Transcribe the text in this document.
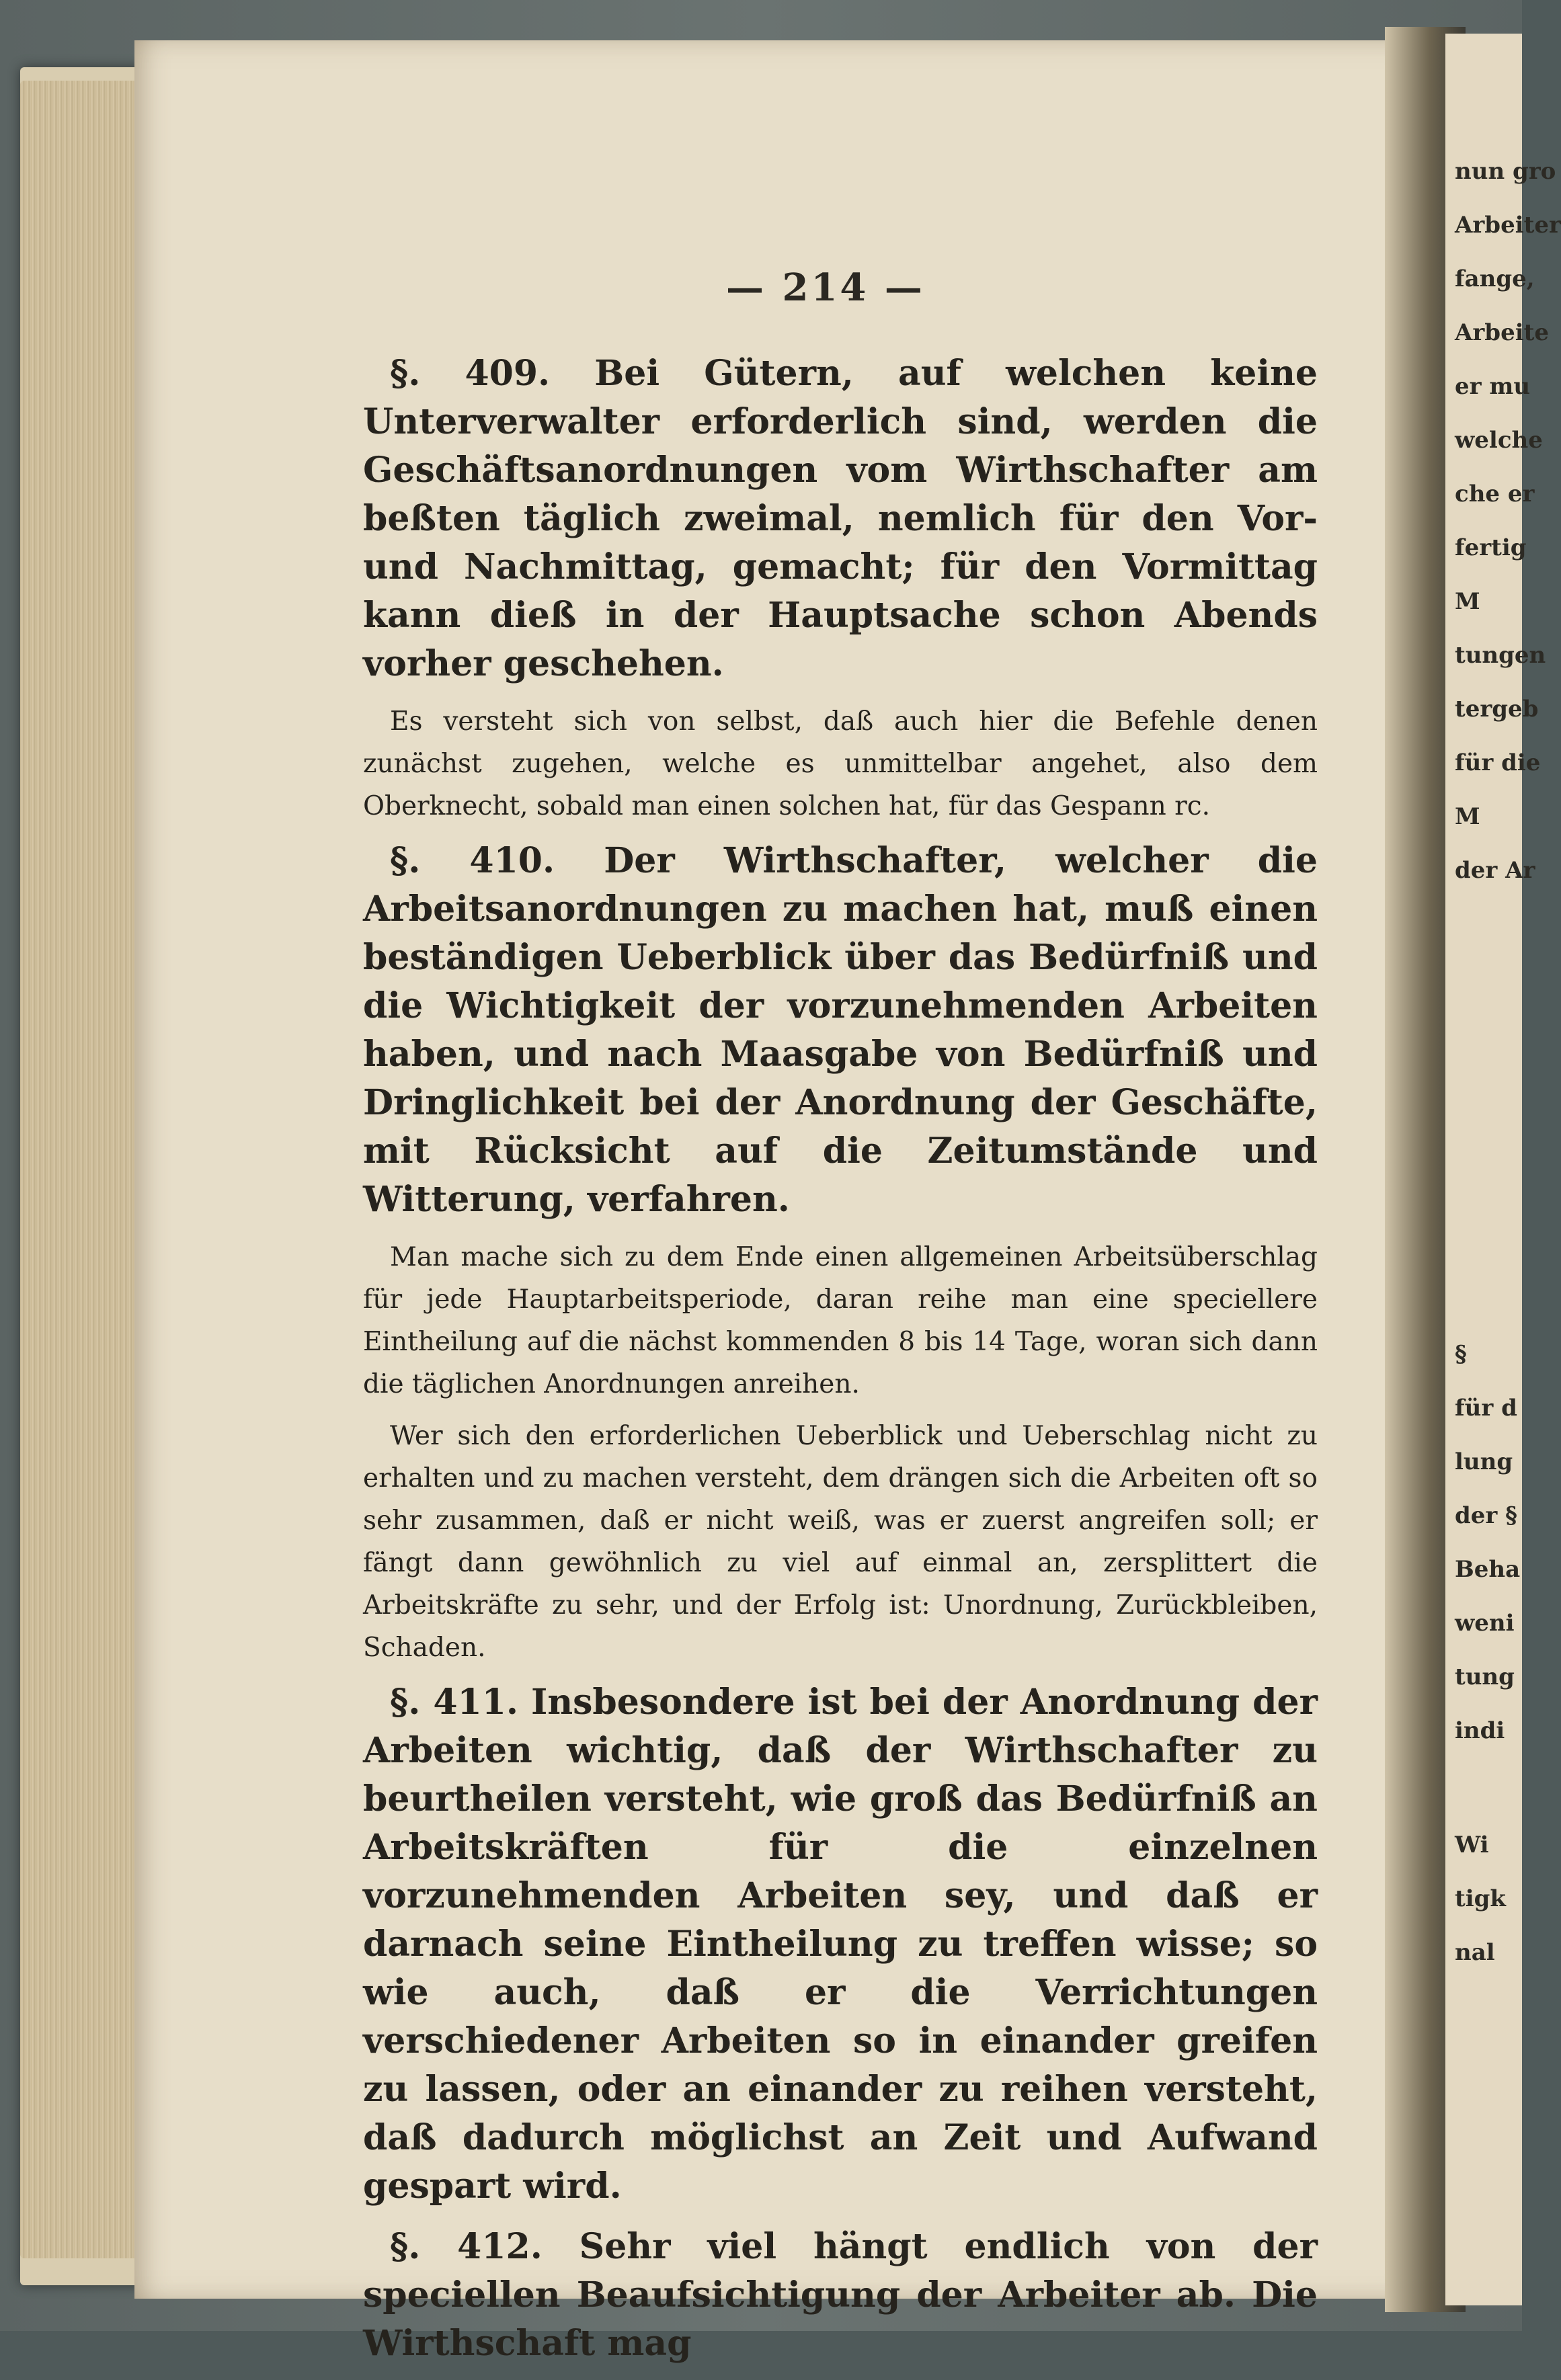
nun gro
Arbeiter
fange,
Arbeite
er mu
welche
che er
fertig
M
tungen
tergeb
für die
M
der Ar
§
für d
lung
der §
Beha
weni
tung
indi
Wi
tigk
nal
— 214 —

§. 409. Bei Gütern, auf welchen keine Unterverwalter erforderlich sind, werden die Geschäftsanordnungen vom Wirthschafter am beßten täglich zweimal, nemlich für den Vor- und Nachmittag, gemacht; für den Vormittag kann dieß in der Hauptsache schon Abends vorher geschehen.

Es versteht sich von selbst, daß auch hier die Befehle denen zunächst zugehen, welche es unmittelbar angehet, also dem Oberknecht, sobald man einen solchen hat, für das Gespann rc.

§. 410. Der Wirthschafter, welcher die Arbeitsanordnungen zu machen hat, muß einen beständigen Ueberblick über das Bedürfniß und die Wichtigkeit der vorzunehmenden Arbeiten haben, und nach Maasgabe von Bedürfniß und Dringlichkeit bei der Anordnung der Geschäfte, mit Rücksicht auf die Zeitumstände und Witterung, verfahren.

Man mache sich zu dem Ende einen allgemeinen Arbeitsüberschlag für jede Hauptarbeitsperiode, daran reihe man eine speciellere Eintheilung auf die nächst kommenden 8 bis 14 Tage, woran sich dann die täglichen Anordnungen anreihen.

Wer sich den erforderlichen Ueberblick und Ueberschlag nicht zu erhalten und zu machen versteht, dem drängen sich die Arbeiten oft so sehr zusammen, daß er nicht weiß, was er zuerst angreifen soll; er fängt dann gewöhnlich zu viel auf einmal an, zersplittert die Arbeitskräfte zu sehr, und der Erfolg ist: Unordnung, Zurückbleiben, Schaden.

§. 411. Insbesondere ist bei der Anordnung der Arbeiten wichtig, daß der Wirthschafter zu beurtheilen versteht, wie groß das Bedürfniß an Arbeitskräften für die einzelnen vorzunehmenden Arbeiten sey, und daß er darnach seine Eintheilung zu treffen wisse; so wie auch, daß er die Verrichtungen verschiedener Arbeiten so in einander greifen zu lassen, oder an einander zu reihen versteht, daß dadurch möglichst an Zeit und Aufwand gespart wird.

§. 412. Sehr viel hängt endlich von der speciellen Beaufsichtigung der Arbeiter ab. Die Wirthschaft mag
